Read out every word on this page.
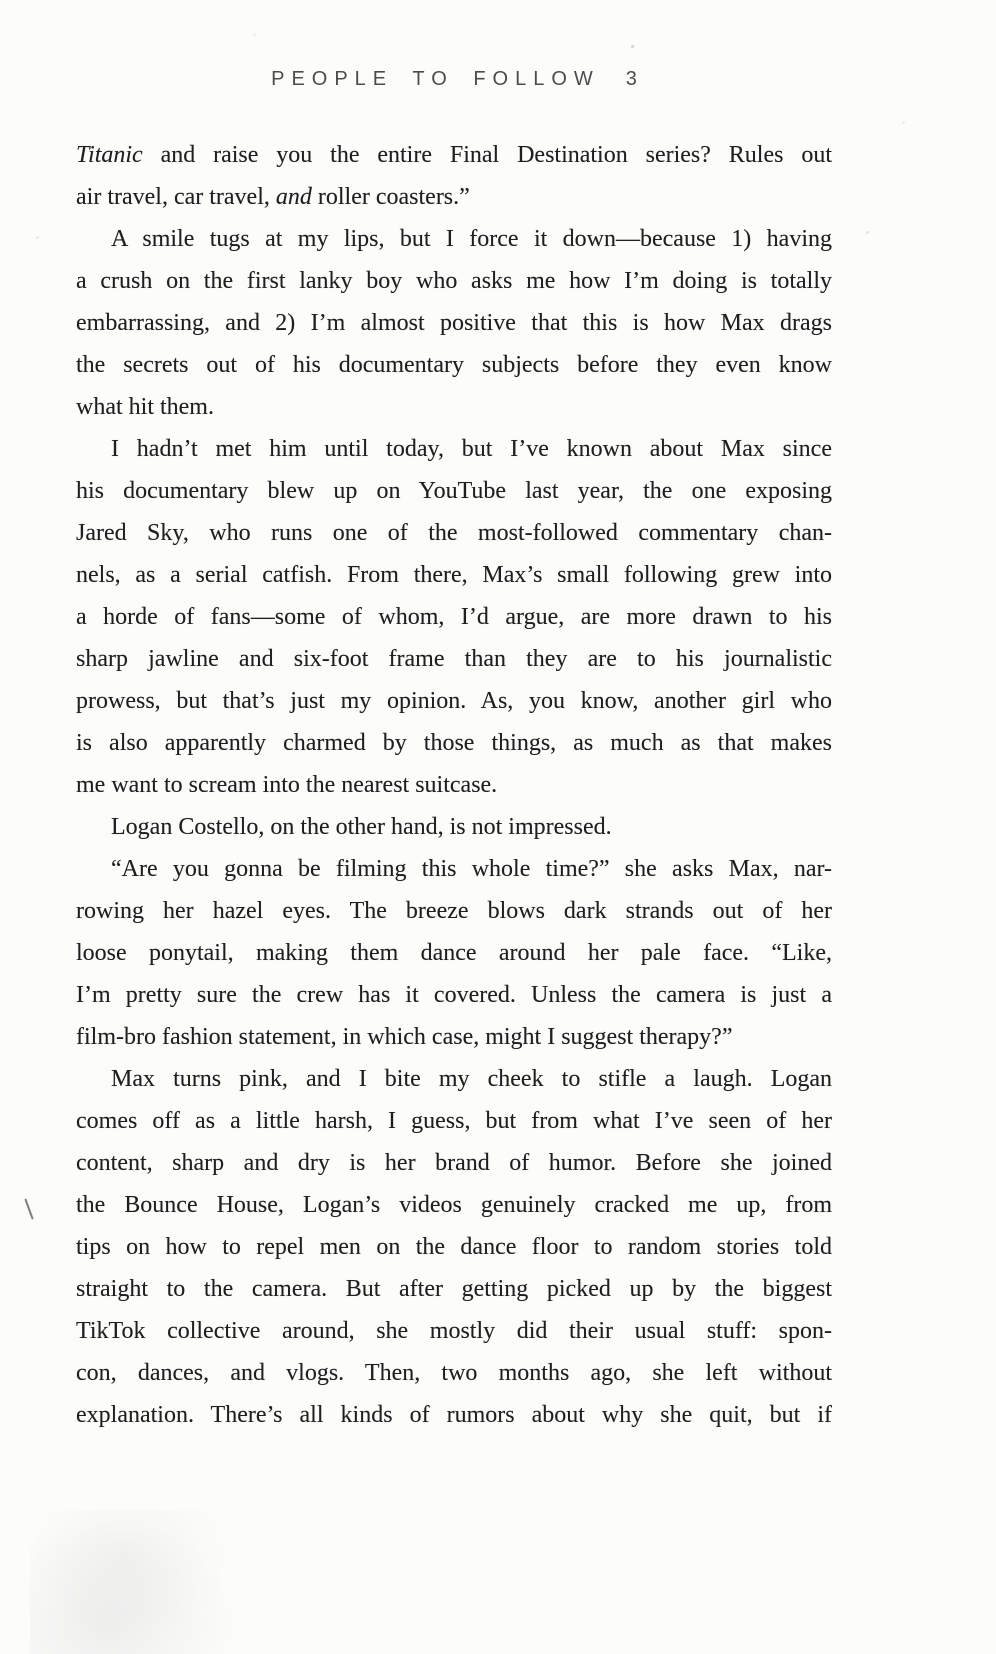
PEOPLE TO FOLLOW 3
Titanic and raise you the entire Final Destination series? Rules out
air travel, car travel, and roller coasters.”
A smile tugs at my lips, but I force it down—because 1) having
a crush on the first lanky boy who asks me how I’m doing is totally
embarrassing, and 2) I’m almost positive that this is how Max drags
the secrets out of his documentary subjects before they even know
what hit them.
I hadn’t met him until today, but I’ve known about Max since
his documentary blew up on YouTube last year, the one exposing
Jared Sky, who runs one of the most-followed commentary chan-
nels, as a serial catfish. From there, Max’s small following grew into
a horde of fans—some of whom, I’d argue, are more drawn to his
sharp jawline and six-foot frame than they are to his journalistic
prowess, but that’s just my opinion. As, you know, another girl who
is also apparently charmed by those things, as much as that makes
me want to scream into the nearest suitcase.
Logan Costello, on the other hand, is not impressed.
“Are you gonna be filming this whole time?” she asks Max, nar-
rowing her hazel eyes. The breeze blows dark strands out of her
loose ponytail, making them dance around her pale face. “Like,
I’m pretty sure the crew has it covered. Unless the camera is just a
film-bro fashion statement, in which case, might I suggest therapy?”
Max turns pink, and I bite my cheek to stifle a laugh. Logan
comes off as a little harsh, I guess, but from what I’ve seen of her
content, sharp and dry is her brand of humor. Before she joined
the Bounce House, Logan’s videos genuinely cracked me up, from
tips on how to repel men on the dance floor to random stories told
straight to the camera. But after getting picked up by the biggest
TikTok collective around, she mostly did their usual stuff: spon-
con, dances, and vlogs. Then, two months ago, she left without
explanation. There’s all kinds of rumors about why she quit, but if
